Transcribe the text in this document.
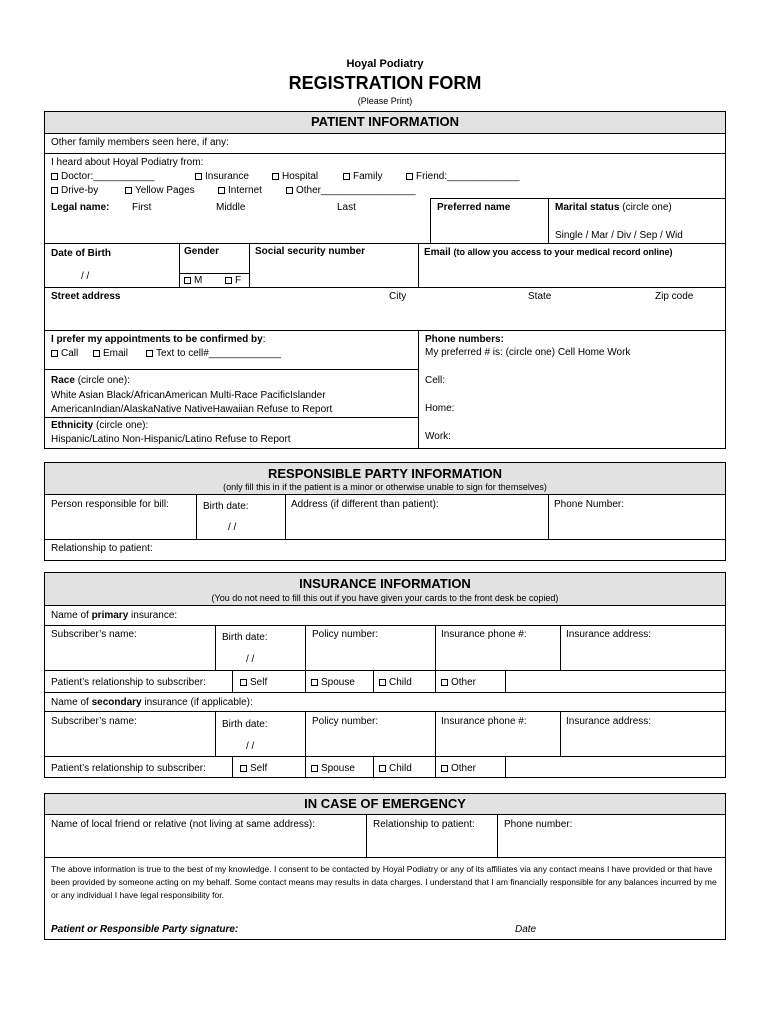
Hoyal Podiatry
REGISTRATION FORM
(Please Print)
PATIENT INFORMATION
Other family members seen here, if any:
I heard about Hoyal Podiatry from:
Doctor:___________	Insurance	Hospital	Family	Friend:_____________
Drive-by	Yellow Pages	Internet	Other_________________
Legal name: First	Middle	Last	Preferred name	Marital status (circle one)
Single / Mar / Div / Sep / Wid
Date of Birth
/ /
Gender
M	F
Social security number	Email (to allow you access to your medical record online)
Street address	City	State	Zip code
I prefer my appointments to be confirmed by:
Call	Email	Text to cell#_____________
Phone numbers:
My preferred # is: (circle one) Cell Home Work
Race (circle one):
White Asian Black/AfricanAmerican Multi-Race PacificIslander
AmericanIndian/AlaskaNative NativeHawaiian Refuse to Report
Ethnicity (circle one):
Hispanic/Latino Non-Hispanic/Latino Refuse to Report
Cell:
Home:
Work:
RESPONSIBLE PARTY INFORMATION
(only fill this in if the patient is a minor or otherwise unable to sign for themselves)
Person responsible for bill:	Birth date:
/ /
Address (if different than patient):	Phone Number:
Relationship to patient:
INSURANCE INFORMATION
(You do not need to fill this out if you have given your cards to the front desk be copied)
Name of primary insurance:
Subscriber’s name:	Birth date:
/ /
Policy number:	Insurance phone #:	Insurance address:
Patient’s relationship to subscriber:	Self	Spouse	Child	Other
Name of secondary insurance (if applicable):
Subscriber’s name:	Birth date:
/ /
Policy number:	Insurance phone #:	Insurance address:
Patient’s relationship to subscriber:	Self	Spouse	Child	Other
IN CASE OF EMERGENCY
Name of local friend or relative (not living at same address):	Relationship to patient:	Phone number:
The above information is true to the best of my knowledge. I consent to be contacted by Hoyal Podiatry or any of its affiliates via any contact means I have provided or that have been provided by someone acting on my behalf. Some contact means may results in data charges. I understand that I am financially responsible for any balances incurred by me or any individual I have legal responsibility for.
Patient or Responsible Party signature:	Date
